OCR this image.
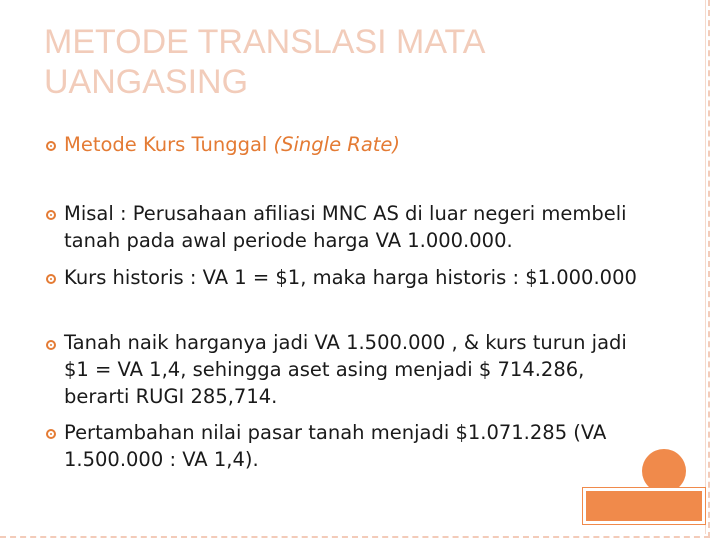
METODE TRANSLASI MATA UANGASING
Metode Kurs Tunggal (Single Rate)
Misal : Perusahaan afiliasi MNC AS di luar negeri membeli tanah pada awal periode harga VA 1.000.000.
Kurs historis : VA 1 = $1, maka harga historis : $1.000.000
Tanah naik harganya jadi VA 1.500.000 , & kurs turun jadi $1 = VA 1,4, sehingga aset asing menjadi $ 714.286, berarti RUGI 285,714.
Pertambahan nilai pasar tanah menjadi $1.071.285 (VA 1.500.000 : VA 1,4).
